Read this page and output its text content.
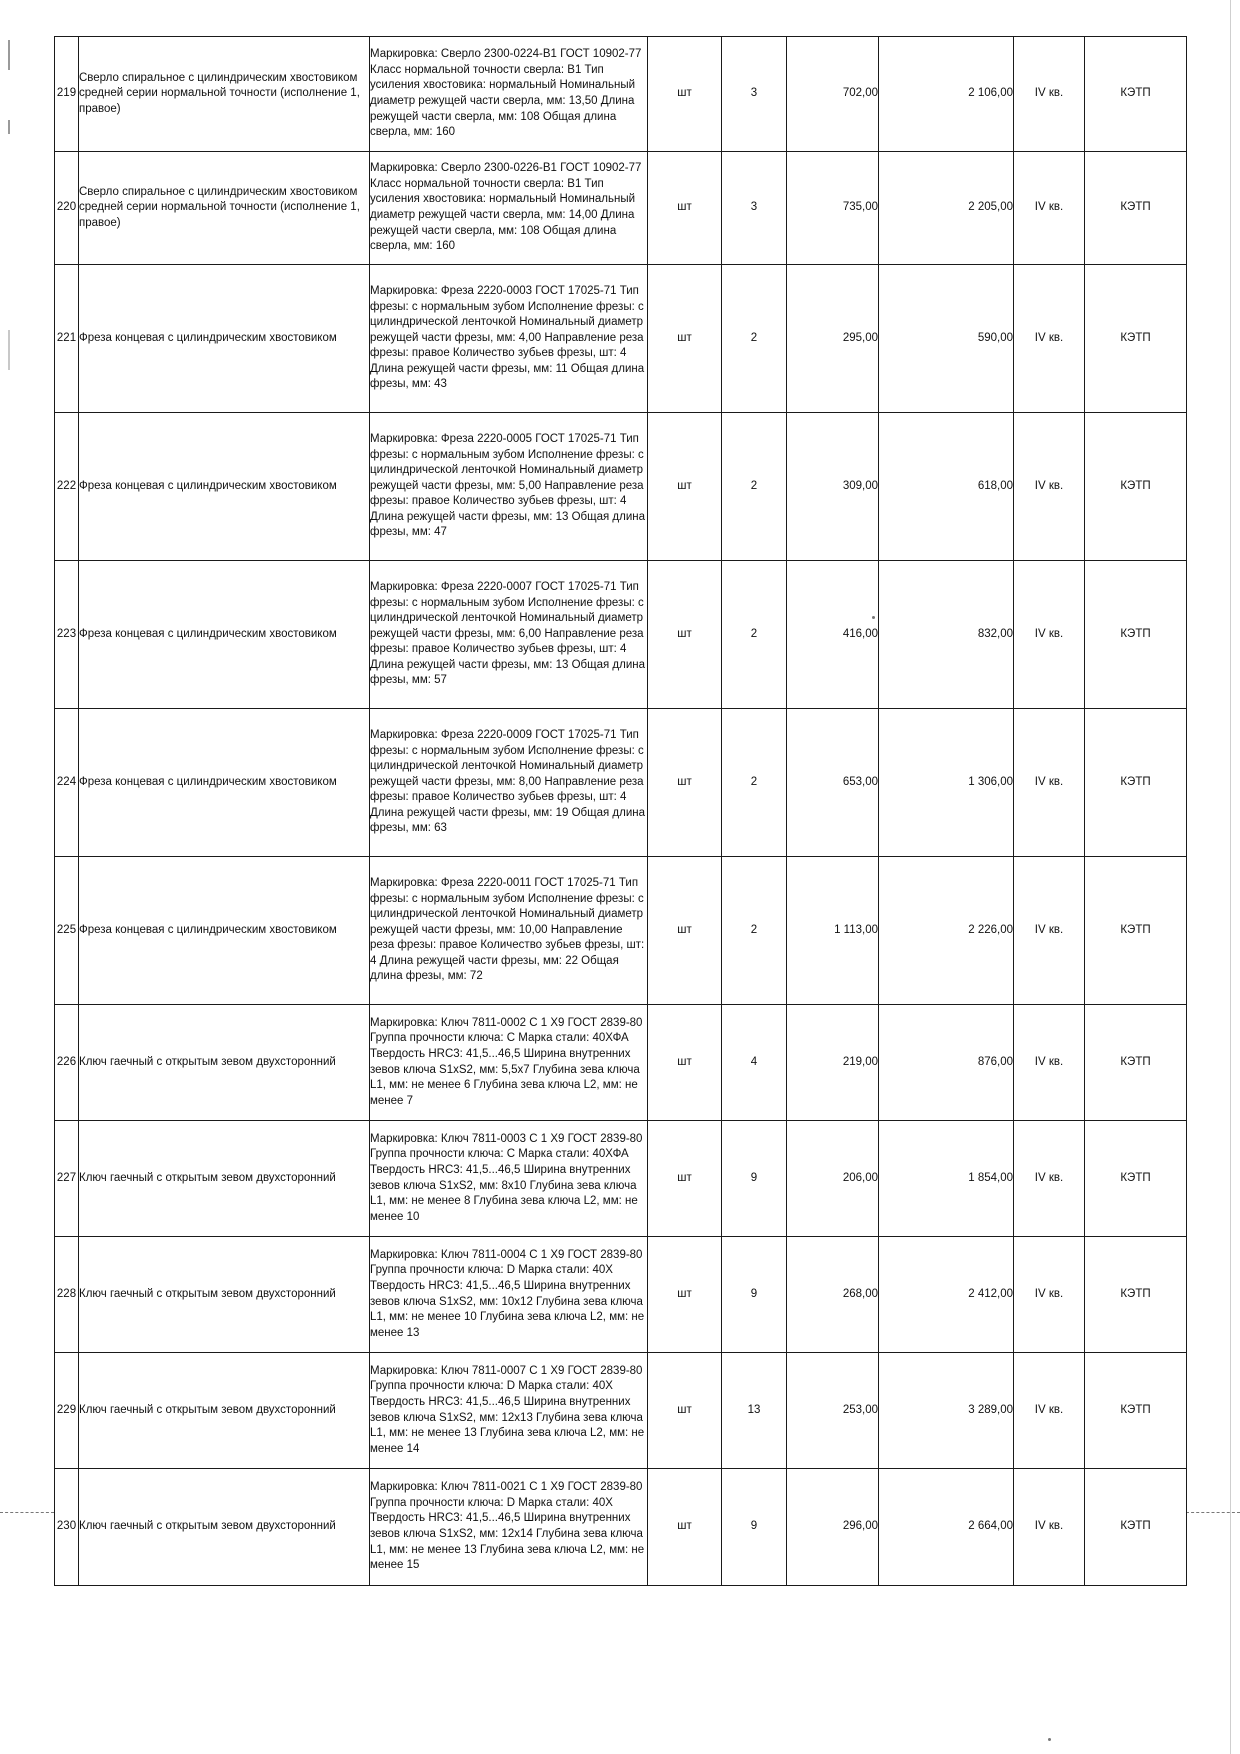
219	Сверло спиральное с цилиндрическим хвостовиком средней серии нормальной точности (исполнение 1, правое)	Маркировка: Сверло 2300-0224-В1 ГОСТ 10902-77 Класс нормальной точности сверла: В1 Тип усиления хвостовика: нормальный Номинальный диаметр режущей части сверла, мм: 13,50 Длина режущей части сверла, мм: 108 Общая длина сверла, мм: 160	шт	3	702,00	2 106,00	IV кв.	КЭТП
220	Сверло спиральное с цилиндрическим хвостовиком средней серии нормальной точности (исполнение 1, правое)	Маркировка: Сверло 2300-0226-В1 ГОСТ 10902-77 Класс нормальной точности сверла: В1 Тип усиления хвостовика: нормальный Номинальный диаметр режущей части сверла, мм: 14,00 Длина режущей части сверла, мм: 108 Общая длина сверла, мм: 160	шт	3	735,00	2 205,00	IV кв.	КЭТП
221	Фреза концевая с цилиндрическим хвостовиком	Маркировка: Фреза 2220-0003 ГОСТ 17025-71 Тип фрезы: с нормальным зубом Исполнение фрезы: с цилиндрической ленточкой Номинальный диаметр режущей части фрезы, мм: 4,00 Направление реза фрезы: правое Количество зубьев фрезы, шт: 4 Длина режущей части фрезы, мм: 11 Общая длина фрезы, мм: 43	шт	2	295,00	590,00	IV кв.	КЭТП
222	Фреза концевая с цилиндрическим хвостовиком	Маркировка: Фреза 2220-0005 ГОСТ 17025-71 Тип фрезы: с нормальным зубом Исполнение фрезы: с цилиндрической ленточкой Номинальный диаметр режущей части фрезы, мм: 5,00 Направление реза фрезы: правое Количество зубьев фрезы, шт: 4 Длина режущей части фрезы, мм: 13 Общая длина фрезы, мм: 47	шт	2	309,00	618,00	IV кв.	КЭТП
223	Фреза концевая с цилиндрическим хвостовиком	Маркировка: Фреза 2220-0007 ГОСТ 17025-71 Тип фрезы: с нормальным зубом Исполнение фрезы: с цилиндрической ленточкой Номинальный диаметр режущей части фрезы, мм: 6,00 Направление реза фрезы: правое Количество зубьев фрезы, шт: 4 Длина режущей части фрезы, мм: 13 Общая длина фрезы, мм: 57	шт	2	416,00	832,00	IV кв.	КЭТП
224	Фреза концевая с цилиндрическим хвостовиком	Маркировка: Фреза 2220-0009 ГОСТ 17025-71 Тип фрезы: с нормальным зубом Исполнение фрезы: с цилиндрической ленточкой Номинальный диаметр режущей части фрезы, мм: 8,00 Направление реза фрезы: правое Количество зубьев фрезы, шт: 4 Длина режущей части фрезы, мм: 19 Общая длина фрезы, мм: 63	шт	2	653,00	1 306,00	IV кв.	КЭТП
225	Фреза концевая с цилиндрическим хвостовиком	Маркировка: Фреза 2220-0011 ГОСТ 17025-71 Тип фрезы: с нормальным зубом Исполнение фрезы: с цилиндрической ленточкой Номинальный диаметр режущей части фрезы, мм: 10,00 Направление реза фрезы: правое Количество зубьев фрезы, шт: 4 Длина режущей части фрезы, мм: 22 Общая длина фрезы, мм: 72	шт	2	1 113,00	2 226,00	IV кв.	КЭТП
226	Ключ гаечный с открытым зевом двухсторонний	Маркировка: Ключ 7811-0002 С 1 Х9 ГОСТ 2839-80 Группа прочности ключа: С Марка стали: 40ХФА Твердость HRC3: 41,5...46,5 Ширина внутренних зевов ключа S1xS2, мм: 5,5х7 Глубина зева ключа L1, мм: не менее 6 Глубина зева ключа L2, мм: не менее 7	шт	4	219,00	876,00	IV кв.	КЭТП
227	Ключ гаечный с открытым зевом двухсторонний	Маркировка: Ключ 7811-0003 С 1 Х9 ГОСТ 2839-80 Группа прочности ключа: С Марка стали: 40ХФА Твердость HRC3: 41,5...46,5 Ширина внутренних зевов ключа S1xS2, мм: 8х10 Глубина зева ключа L1, мм: не менее 8 Глубина зева ключа L2, мм: не менее 10	шт	9	206,00	1 854,00	IV кв.	КЭТП
228	Ключ гаечный с открытым зевом двухсторонний	Маркировка: Ключ 7811-0004 С 1 Х9 ГОСТ 2839-80 Группа прочности ключа: D Марка стали: 40Х Твердость HRC3: 41,5...46,5 Ширина внутренних зевов ключа S1xS2, мм: 10х12 Глубина зева ключа L1, мм: не менее 10 Глубина зева ключа L2, мм: не менее 13	шт	9	268,00	2 412,00	IV кв.	КЭТП
229	Ключ гаечный с открытым зевом двухсторонний	Маркировка: Ключ 7811-0007 С 1 Х9 ГОСТ 2839-80 Группа прочности ключа: D Марка стали: 40Х Твердость HRC3: 41,5...46,5 Ширина внутренних зевов ключа S1xS2, мм: 12х13 Глубина зева ключа L1, мм: не менее 13 Глубина зева ключа L2, мм: не менее 14	шт	13	253,00	3 289,00	IV кв.	КЭТП
230	Ключ гаечный с открытым зевом двухсторонний	Маркировка: Ключ 7811-0021 С 1 Х9 ГОСТ 2839-80 Группа прочности ключа: D Марка стали: 40Х Твердость HRC3: 41,5...46,5 Ширина внутренних зевов ключа S1xS2, мм: 12х14 Глубина зева ключа L1, мм: не менее 13 Глубина зева ключа L2, мм: не менее 15	шт	9	296,00	2 664,00	IV кв.	КЭТП
